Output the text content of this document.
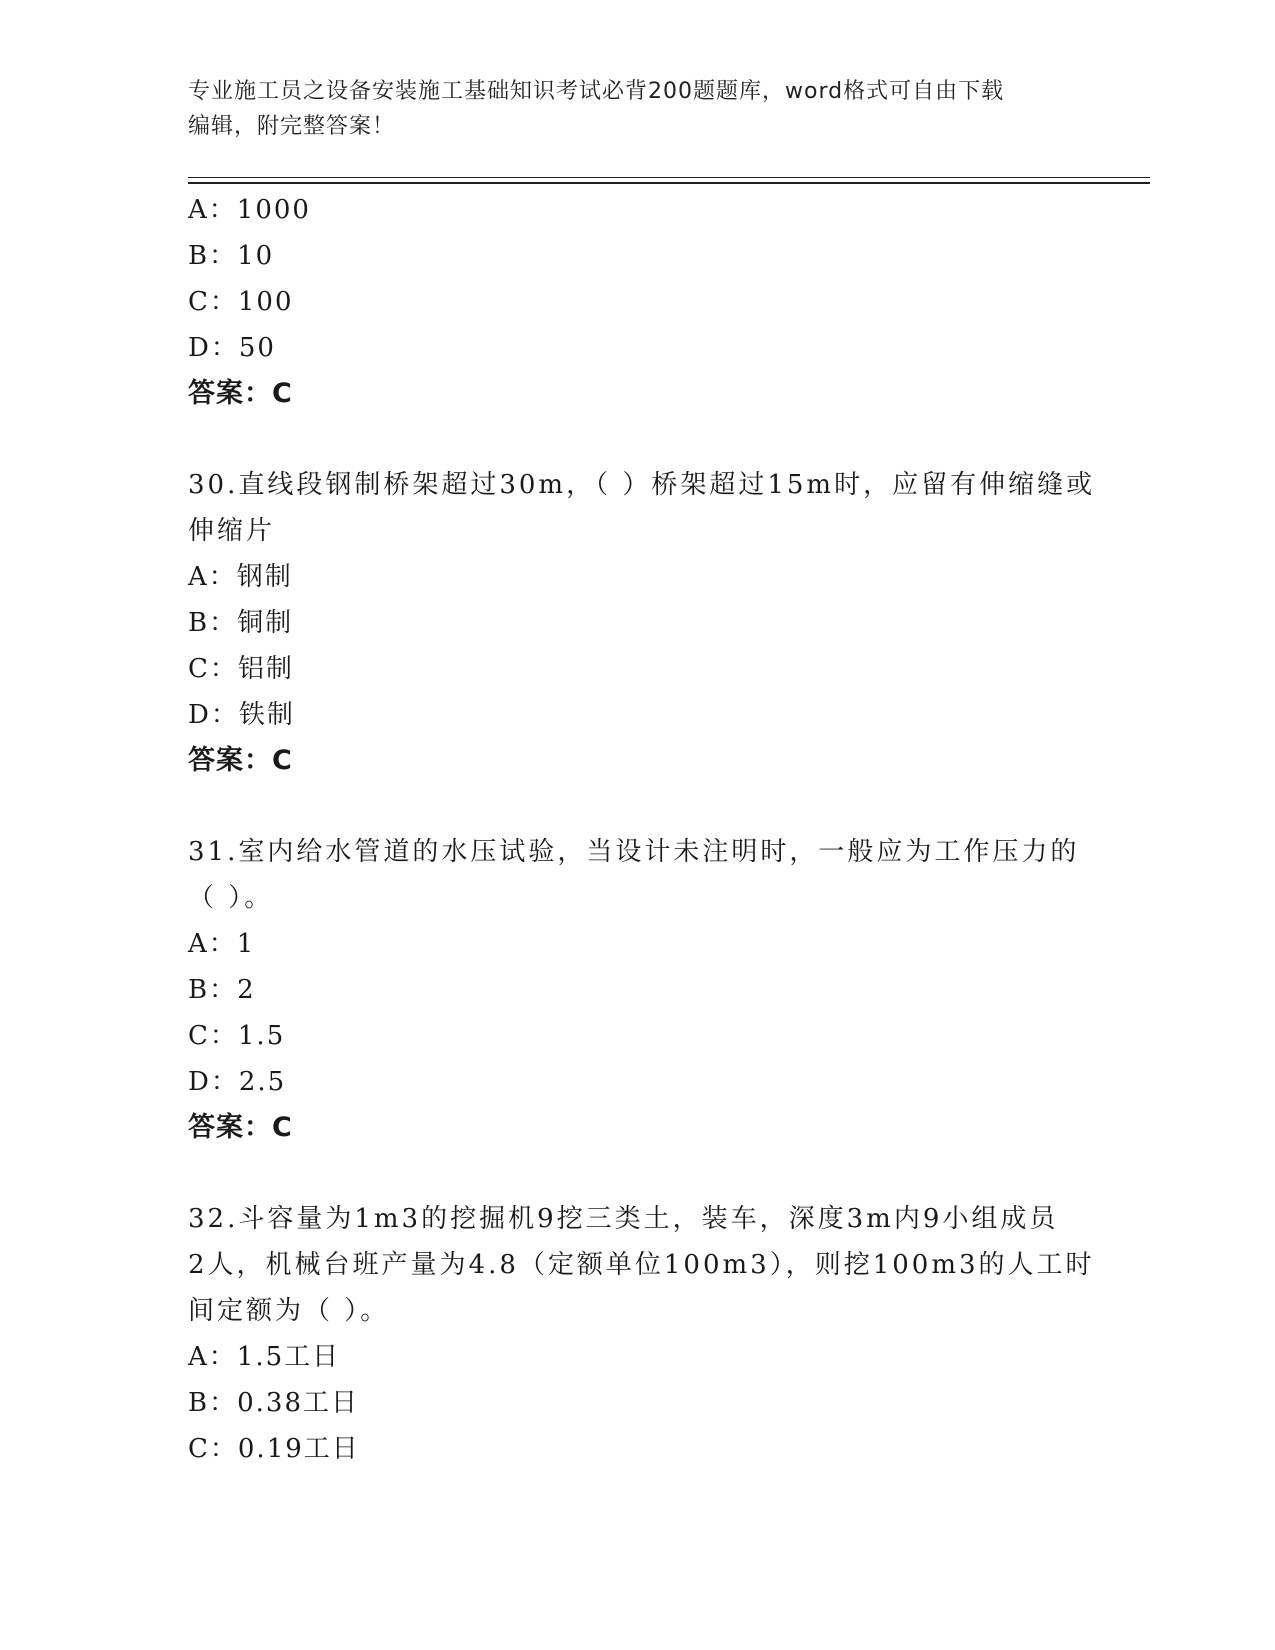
专业施工员之设备安装施工基础知识考试必背200题题库，word格式可自由下载
编辑，附完整答案！
A：1000
B：10
C：100
D：50
答案：C
30.直线段钢制桥架超过30m，（ ）桥架超过15m时，应留有伸缩缝或
伸缩片
A：钢制
B：铜制
C：铝制
D：铁制
答案：C
31.室内给水管道的水压试验，当设计未注明时，一般应为工作压力的
（ ）。
A：1
B：2
C：1.5
D：2.5
答案：C
32.斗容量为1m3的挖掘机9挖三类土，装车，深度3m内9小组成员
2人，机械台班产量为4.8（定额单位100m3），则挖100m3的人工时
间定额为（ ）。
A：1.5工日
B：0.38工日
C：0.19工日
